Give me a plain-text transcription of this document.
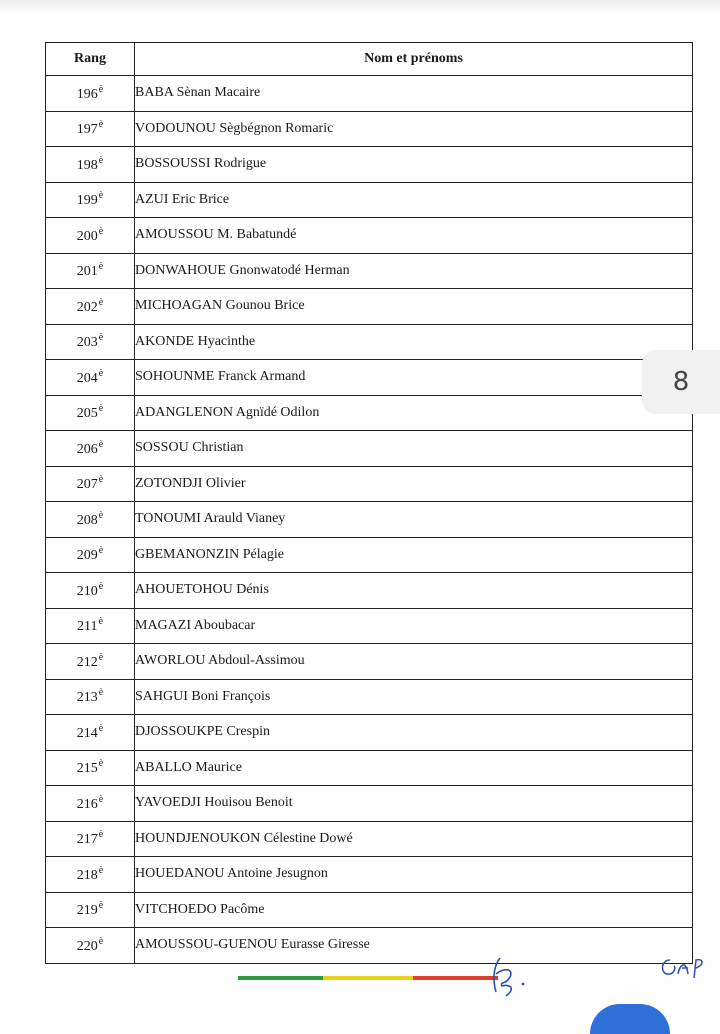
Rang	Nom et prénoms
$196^è$	BABA Sènan Macaire
$197^è$	VODOUNOU Sègbégnon Romaric
$198^è$	BOSSOUSSI Rodrigue
$199^è$	AZUI Eric Brice
$200^è$	AMOUSSOU M. Babatundé
$201^è$	DONWAHOUE Gnonwatodé Herman
$202^è$	MICHOAGAN Gounou Brice
$203^è$	AKONDE Hyacinthe
$204^è$	SOHOUNME Franck Armand
$205^è$	ADANGLENON Agnïdé Odilon
$206^è$	SOSSOU Christian
$207^è$	ZOTONDJI Olivier
$208^è$	TONOUMI Arauld Vianey
$209^è$	GBEMANONZIN Pélagie
$210^è$	AHOUETOHOU Dénis
$211^è$	MAGAZI Aboubacar
$212^è$	AWORLOU Abdoul-Assimou
$213^è$	SAHGUI Boni François
$214^è$	DJOSSOUKPE Crespin
$215^è$	ABALLO Maurice
$216^è$	YAVOEDJI Houisou Benoit
$217^è$	HOUNDJENOUKON Célestine Dowé
$218^è$	HOUEDANOU Antoine Jesugnon
$219^è$	VITCHOEDO Pacôme
$220^è$	AMOUSSOU-GUENOU Eurasse Giresse
8
